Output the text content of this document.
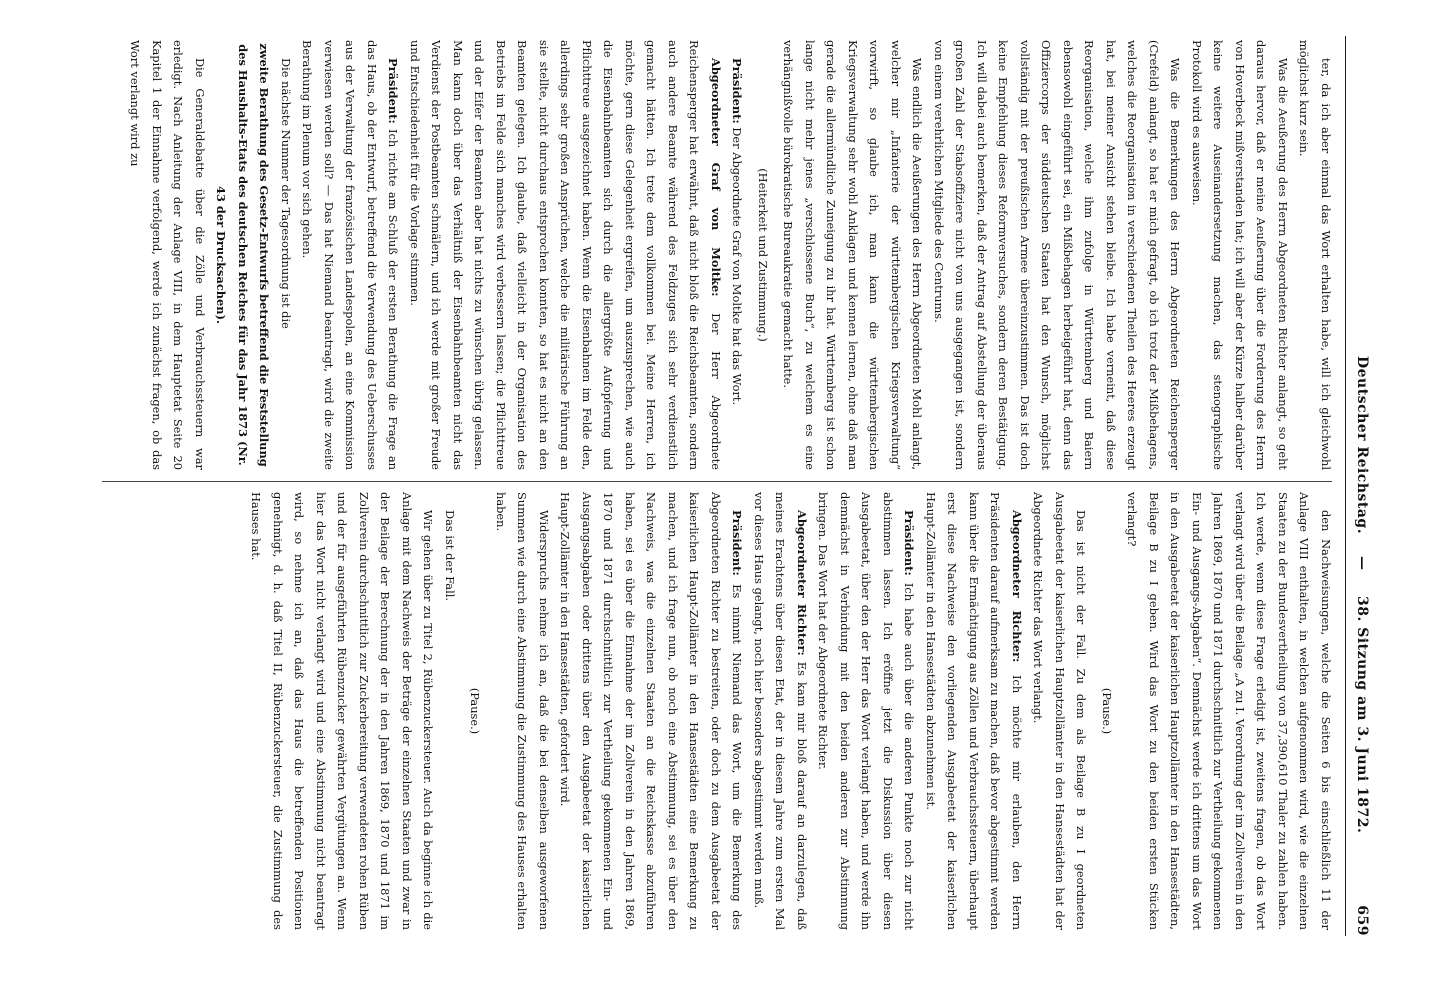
Deutscher Reichstag.
—
38. Sitzung am 3. Juni 1872.
659

ter, da ich aber einmal das Wort erhalten habe, will ich gleichwohl möglichst kurz sein.

Was die Aeußerung des Herrn Abgeordneten Richter anlangt, so geht daraus hervor, daß er meine Aeußerung über die Forderung des Herrn von Hoverbeck mißverstanden hat; ich will aber der Kürze halber darüber keine weitere Auseinandersetzung machen, das stenographische Protokoll wird es ausweisen.

Was die Bemerkungen des Herrn Abgeordneten Reichensperger (Crefeld) anlangt, so hat er mich gefragt, ob ich trotz der Mißbehagens, welches die Reorganisation in verschiedenen Theilen des Heeres erzeugt hat, bei meiner Ansicht stehen bleibe. Ich habe verneint, daß diese Reorganisation, welche ihm zufolge in Württemberg und Baiern ebensowohl eingeführt sei, ein Mißbehagen herbeigeführt hat, denn das Offiziercorps der süddeutschen Staaten hat den Wunsch, möglichst vollständig mit der preußischen Armee übereinzustimmen. Das ist doch keine Empfehlung dieses Reformversuches, sondern deren Bestätigung. Ich will dabei auch bemerken, daß der Antrag auf Abstellung der überaus großen Zahl der Stabsoffiziere nicht von uns ausgegangen ist, sondern von einem verehrlichen Mitgliede des Centrums.

Was endlich die Aeußerungen des Herrn Abgeordneten Mohl anlangt, welcher mir „Infanterie der württembergischen Kriegsverwaltung“ vorwirft, so glaube ich, man kann die württembergischen Kriegsverwaltung sehr wohl Anklagen und kennen lernen, ohne daß man gerade die allermündliche Zuneigung zu ihr hat. Württemberg ist schon lange nicht mehr jenes „verschlossene Buch“, zu welchem es eine verhängnißvolle bürokratische Bureaukratie gemacht hatte.

(Heiterkeit und Zustimmung.)

Präsident: Der Abgeordnete Graf von Moltke hat das Wort.

Abgeordneter Graf von Moltke: Der Herr Abgeordnete Reichensperger hat erwähnt, daß nicht bloß die Reichsbeamten, sondern auch andere Beamte während des Feldzuges sich sehr verdienstlich gemacht hätten. Ich trete dem vollkommen bei. Meine Herren, ich möchte, gern diese Gelegenheit ergreifen, um auszusprechen, wie auch die Eisenbahnbeamten sich durch die allergrößte Aufopferung und Pflichttreue ausgezeichnet haben. Wenn die Eisenbahnen im Felde den, allerdings sehr großen Ansprüchen, welche die militärische Führung an sie stellte, nicht durchaus entsprochen konnten, so hat es nicht an den Beamten gelegen. Ich glaube, daß vielleicht in der Organisation des Betriebs im Felde sich manches wird verbessern lassen; die Pflichttreue und der Eifer der Beamten aber hat nichts zu wünschen übrig gelassen. Man kann doch über das Verhältniß der Eisenbahnbeamten nicht das Verdienst der Postbeamten schmälern, und ich werde mit großer Freude und Entschiedenheit für die Vorlage stimmen.

Präsident: Ich richte am Schluß der ersten Berathung die Frage an das Haus, ob der Entwurf, betreffend die Verwendung des Ueberschusses aus der Verwaltung der französischen Landespolen, an eine Kommission verwiesen werden soll? — Das hat Niemand beantragt, wird die zweite Berathung im Plenum vor sich gehen.

Die nächste Nummer der Tagesordnung ist die

zweite Berathung des Gesetz-Entwurfs betreffend die Feststellung des Haushalts-Etats des deutschen Reiches für das Jahr 1873 (Nr. 43 der Drucksachen).

Die Generaldebatte über die Zölle und Verbrauchssteuern war erledigt. Nach Anleitung der Anlage VIII, in dem Hauptetat Seite 20 Kapitel 1 der Einnahme verfolgend, werde ich zunächst fragen, ob das Wort verlangt wird zu

den Nachweisungen, welche die Seiten 6 bis einschließlich 11 der Anlage VIII enthalten, in welchen aufgenommen wird, wie die einzelnen Staaten zu der Bundesvertheilung von 37,390,610 Thaler zu zahlen haben. Ich werde, wenn diese Frage erledigt ist, zweitens fragen, ob das Wort verlangt wird über die Beilage „A zu I. Verordnung der im Zollverein in den Jahren 1869, 1870 und 1871 durchschnittlich zur Vertheilung gekommenen Ein- und Ausgangs-Abgaben“. Demnächst werde ich drittens um das Wort in den Ausgabeetat der kaiserlichen Hauptzollämter in den Hansestädten, Beilage B zu I geben. Wird das Wort zu den beiden ersten Stücken verlangt?

(Pause.)

Das ist nicht der Fall. Zu dem als Beilage B zu I geordneten Ausgabeetat der kaiserlichen Hauptzollämter in den Hansestädten hat der Abgeordnete Richter das Wort verlangt.

Abgeordneter Richter: Ich möchte mir erlauben, den Herrn Präsidenten darauf aufmerksam zu machen, daß bevor abgestimmt werden kann über die Ermächtigung aus Zöllen und Verbrauchssteuern, überhaupt erst diese Nachweise den vorliegenden Ausgabeetat der kaiserlichen Haupt-Zollämter in den Hansestädten abzunehmen ist.

Präsident: Ich habe auch über die anderen Punkte noch zur nicht abstimmen lassen. Ich eröffne jetzt die Diskussion über diesen Ausgabeetat, über den der Herr das Wort verlangt haben, und werde ihn demnächst in Verbindung mit den beiden anderen zur Abstimmung bringen. Das Wort hat der Abgeordnete Richter.

Abgeordneter Richter: Es kam mir bloß darauf an darzulegen, daß meines Erachtens über diesen Etat, der in diesem Jahre zum ersten Mal vor dieses Haus gelangt, noch hier besonders abgestimmt werden muß.

Präsident: Es nimmt Niemand das Wort, um die Bemerkung des Abgeordneten Richter zu bestreiten, oder doch zu dem Ausgabeetat der kaiserlichen Haupt-Zollämter in den Hansestädten eine Bemerkung zu machen, und ich frage nun, ob noch eine Abstimmung, sei es über den Nachweis, was die einzelnen Staaten an die Reichskasse abzuführen haben, sei es über die Einnahme der im Zollverein in den Jahren 1869, 1870 und 1871 durchschnittlich zur Vertheilung gekommenen Ein- und Ausgangsabgaben oder drittens über den Ausgabeetat der kaiserlichen Haupt-Zollämter in den Hansestädten, gefordert wird.

Widerspruchs nehme ich an, daß die bei denselben ausgeworfenen Summen wie durch eine Abstimmung die Zustimmung des Hauses erhalten haben.

(Pause.)

Das ist der Fall.

Wir gehen über zu Titel 2, Rübenzuckersteuer. Auch da beginne ich die Anlage mit dem Nachweis der Beträge der einzelnen Staaten und zwar in der Beilage der Berechnung der in den Jahren 1869, 1870 und 1871 im Zollverein durchschnittlich zur Zuckerbereitung verwendeten rohen Rüben und der für ausgeführten Rübenzucker gewährten Vergütungen an. Wenn hier das Wort nicht verlangt wird und eine Abstimmung nicht beantragt wird, so nehme ich an, daß das Haus die betreffenden Positionen genehmigt, d. h. daß Titel II, Rübenzuckersteuer, die Zustimmung des Hauses hat.
